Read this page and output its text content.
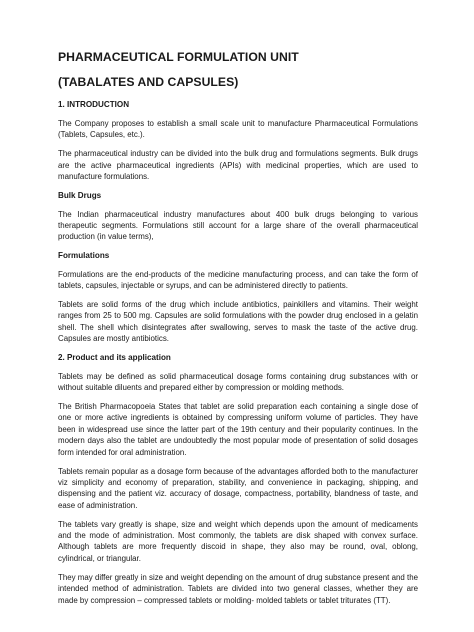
PHARMACEUTICAL FORMULATION UNIT
(TABALATES AND CAPSULES)
1. INTRODUCTION

The Company proposes to establish a small scale unit to manufacture Pharmaceutical Formulations (Tablets, Capsules, etc.).

The pharmaceutical industry can be divided into the bulk drug and formulations segments. Bulk drugs are the active pharmaceutical ingredients (APIs) with medicinal properties, which are used to manufacture formulations.

Bulk Drugs

The Indian pharmaceutical industry manufactures about 400 bulk drugs belonging to various therapeutic segments. Formulations still account for a large share of the overall pharmaceutical production (in value terms),

Formulations

Formulations are the end-products of the medicine manufacturing process, and can take the form of tablets, capsules, injectable or syrups, and can be administered directly to patients.

Tablets are solid forms of the drug which include antibiotics, painkillers and vitamins. Their weight ranges from 25 to 500 mg. Capsules are solid formulations with the powder drug enclosed in a gelatin shell. The shell which disintegrates after swallowing, serves to mask the taste of the active drug. Capsules are mostly antibiotics.

2. Product and its application

Tablets may be defined as solid pharmaceutical dosage forms containing drug substances with or without suitable diluents and prepared either by compression or molding methods.

The British Pharmacopoeia States that tablet are solid preparation each containing a single dose of one or more active ingredients is obtained by compressing uniform volume of particles. They have been in widespread use since the latter part of the 19th century and their popularity continues. In the modern days also the tablet are undoubtedly the most popular mode of presentation of solid dosages form intended for oral administration.

Tablets remain popular as a dosage form because of the advantages afforded both to the manufacturer viz simplicity and economy of preparation, stability, and convenience in packaging, shipping, and dispensing and the patient viz. accuracy of dosage, compactness, portability, blandness of taste, and ease of administration.

The tablets vary greatly is shape, size and weight which depends upon the amount of medicaments and the mode of administration. Most commonly, the tablets are disk shaped with convex surface. Although tablets are more frequently discoid in shape, they also may be round, oval, oblong, cylindrical, or triangular.

They may differ greatly in size and weight depending on the amount of drug substance present and the intended method of administration. Tablets are divided into two general classes, whether they are made by compression – compressed tablets or molding- molded tablets or tablet triturates (TT).
